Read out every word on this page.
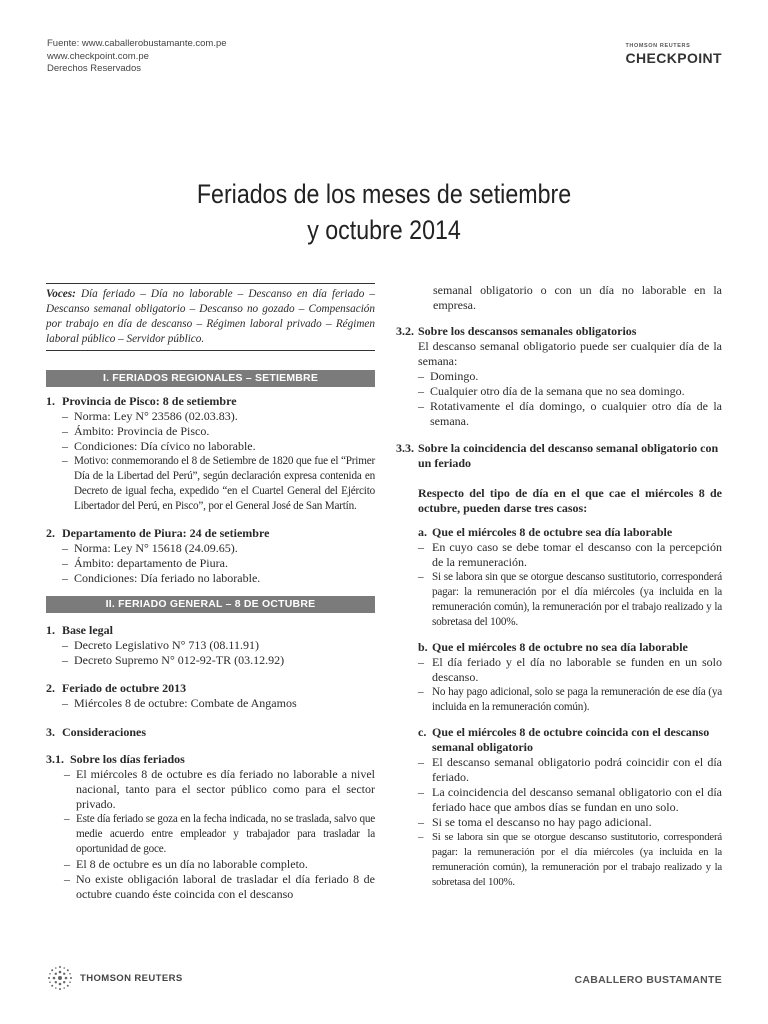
Fuente: www.caballerobustamante.com.pe
www.checkpoint.com.pe
Derechos Reservados
THOMSON REUTERS
CHECKPOINT
Feriados de los meses de setiembre
y octubre 2014
Voces: Día feriado – Día no laborable – Descanso en día feriado – Descanso semanal obligatorio – Descanso no gozado – Compensación por trabajo en día de descanso – Régimen laboral privado – Régimen laboral público – Servidor público.
I. FERIADOS REGIONALES – SETIEMBRE
1. Provincia de Pisco: 8 de setiembre
– Norma: Ley N° 23586 (02.03.83).
– Ámbito: Provincia de Pisco.
– Condiciones: Día cívico no laborable.
– Motivo: conmemorando el 8 de Setiembre de 1820 que fue el “Primer Día de la Libertad del Perú”, según declaración expresa contenida en Decreto de igual fecha, expedido “en el Cuartel General del Ejército Libertador del Perú, en Pisco”, por el General José de San Martín.
2. Departamento de Piura: 24 de setiembre
– Norma: Ley N° 15618 (24.09.65).
– Ámbito: departamento de Piura.
– Condiciones: Día feriado no laborable.
II. FERIADO GENERAL – 8 DE OCTUBRE
1. Base legal
– Decreto Legislativo N° 713 (08.11.91)
– Decreto Supremo N° 012-92-TR (03.12.92)
2. Feriado de octubre 2013
– Miércoles 8 de octubre: Combate de Angamos
3. Consideraciones
3.1. Sobre los días feriados
– El miércoles 8 de octubre es día feriado no laborable a nivel nacional, tanto para el sector público como para el sector privado.
– Este día feriado se goza en la fecha indicada, no se traslada, salvo que medie acuerdo entre empleador y trabajador para trasladar la oportunidad de goce.
– El 8 de octubre es un día no laborable completo.
– No existe obligación laboral de trasladar el día feriado 8 de octubre cuando éste coincida con el descanso
semanal obligatorio o con un día no laborable en la empresa.
3.2. Sobre los descansos semanales obligatorios
El descanso semanal obligatorio puede ser cualquier día de la semana:
– Domingo.
– Cualquier otro día de la semana que no sea domingo.
– Rotativamente el día domingo, o cualquier otro día de la semana.
3.3. Sobre la coincidencia del descanso semanal obligatorio con un feriado
Respecto del tipo de día en el que cae el miércoles 8 de octubre, pueden darse tres casos:
a. Que el miércoles 8 de octubre sea día laborable
– En cuyo caso se debe tomar el descanso con la percepción de la remuneración.
– Si se labora sin que se otorgue descanso sustitutorio, corresponderá pagar: la remuneración por el día miércoles (ya incluida en la remuneración común), la remuneración por el trabajo realizado y la sobretasa del 100%.
b. Que el miércoles 8 de octubre no sea día laborable
– El día feriado y el día no laborable se funden en un solo descanso.
– No hay pago adicional, solo se paga la remuneración de ese día (ya incluida en la remuneración común).
c. Que el miércoles 8 de octubre coincida con el descanso semanal obligatorio
– El descanso semanal obligatorio podrá coincidir con el día feriado.
– La coincidencia del descanso semanal obligatorio con el día feriado hace que ambos días se fundan en uno solo.
– Si se toma el descanso no hay pago adicional.
– Si se labora sin que se otorgue descanso sustitutorio, corresponderá pagar: la remuneración por el día miércoles (ya incluida en la remuneración común), la remuneración por el trabajo realizado y la sobretasa del 100%.
THOMSON REUTERS	CABALLERO BUSTAMANTE
